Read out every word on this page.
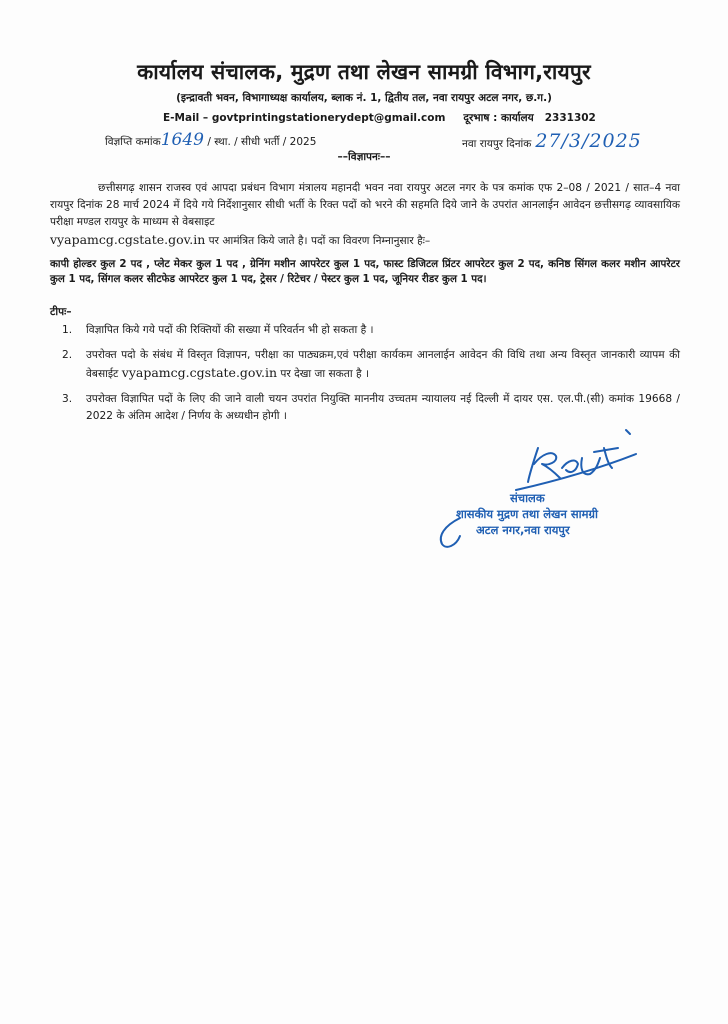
कार्यालय संचालक, मुद्रण तथा लेखन सामग्री विभाग,रायपुर
(इन्द्रावती भवन, विभागाध्यक्ष कार्यालय, ब्लाक नं. 1, द्वितीय तल, नवा रायपुर अटल नगर, छ.ग.)
E-Mail – govtprintingstationerydept@gmail.com दूरभाष : कार्यालय 2331302
विज्ञप्ति कमांक1649 / स्था. / सीधी भर्ती / 2025	नवा रायपुर दिनांक 27/3/2025
––विज्ञापनः––
छत्तीसगढ़ शासन राजस्व एवं आपदा प्रबंधन विभाग मंत्रालय महानदी भवन नवा रायपुर अटल नगर के पत्र कमांक एफ 2–08 / 2021 / सात–4 नवा रायपुर दिनांक 28 मार्च 2024 में दिये गये निर्देशानुसार सीधी भर्ती के रिक्त पदों को भरने की सहमति दिये जाने के उपरांत आनलाईन आवेदन छत्तीसगढ़ व्यावसायिक परीक्षा मण्डल रायपुर के माध्यम से वेबसाइट
vyapamcg.cgstate.gov.in पर आमंत्रित किये जाते है। पदों का विवरण निम्नानुसार हैः–
कापी होल्डर कुल 2 पद , प्लेट मेकर कुल 1 पद , ग्रेनिंग मशीन आपरेटर कुल 1 पद, फास्ट डिजिटल प्रिंटर आपरेटर कुल 2 पद, कनिष्ठ सिंगल कलर मशीन आपरेटर कुल 1 पद, सिंगल कलर सीटफेड आपरेटर कुल 1 पद, ट्रेसर / रिटेचर / पेस्टर कुल 1 पद, जूनियर रीडर कुल 1 पद।
टीपः–
1. विज्ञापित किये गये पदों की रिक्तियों की सख्या में परिवर्तन भी हो सकता है ।
2. उपरोक्त पदो के संबंध में विस्तृत विज्ञापन, परीक्षा का पाठ्यक्रम,एवं परीक्षा कार्यकम आनलाईन आवेदन की विधि तथा अन्य विस्तृत जानकारी व्यापम की वेबसाईट vyapamcg.cgstate.gov.in पर देखा जा सकता है ।
3. उपरोक्त विज्ञापित पदों के लिए की जाने वाली चयन उपरांत नियुक्ति माननीय उच्चतम न्यायालय नई दिल्ली में दायर एस. एल.पी.(सी) कमांक 19668 / 2022 के अंतिम आदेश / निर्णय के अध्यधीन होगी ।
संचालक
शासकीय मुद्रण तथा लेखन सामग्री
अटल नगर,नवा रायपुर
